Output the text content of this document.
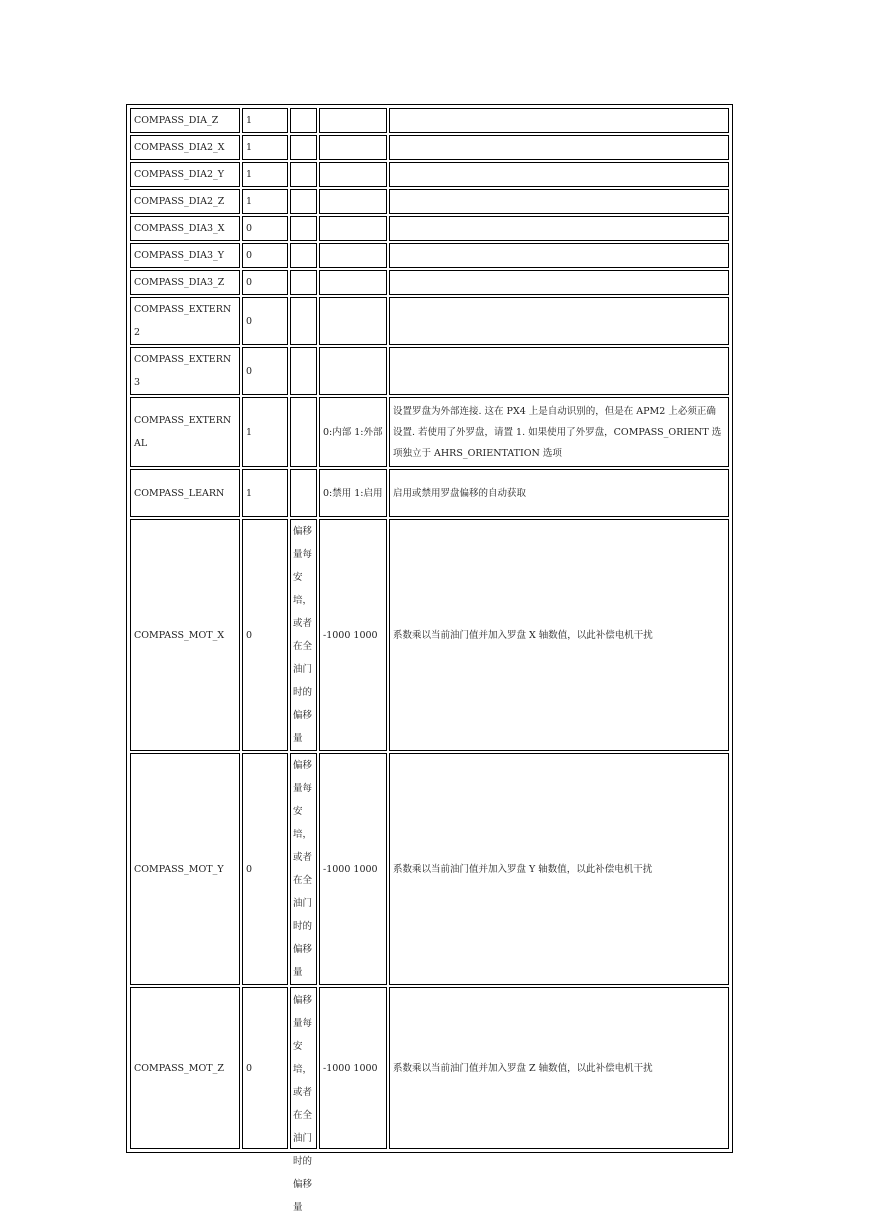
COMPASS_DIA_Z	1			
COMPASS_DIA2_X	1			
COMPASS_DIA2_Y	1			
COMPASS_DIA2_Z	1			
COMPASS_DIA3_X	0			
COMPASS_DIA3_Y	0			
COMPASS_DIA3_Z	0			
COMPASS_EXTERN2	0			
COMPASS_EXTERN3	0			
COMPASS_EXTERNAL	1		0:内部 1:外部	设置罗盘为外部连接. 这在 PX4 上是自动识别的，但是在 APM2 上必须正确设置. 若使用了外罗盘，请置 1. 如果使用了外罗盘，COMPASS_ORIENT 选项独立于 AHRS_ORIENTATION 选项
COMPASS_LEARN	1		0:禁用 1:启用	启用或禁用罗盘偏移的自动获取
COMPASS_MOT_X	0	偏移量每安培，或者在全油门时的偏移量	-1000 1000	系数乘以当前油门值并加入罗盘 X 轴数值，以此补偿电机干扰
COMPASS_MOT_Y	0	偏移量每安培，或者在全油门时的偏移量	-1000 1000	系数乘以当前油门值并加入罗盘 Y 轴数值，以此补偿电机干扰
COMPASS_MOT_Z	0	偏移量每安培，或者在全油门时的偏移量	-1000 1000	系数乘以当前油门值并加入罗盘 Z 轴数值，以此补偿电机干扰
